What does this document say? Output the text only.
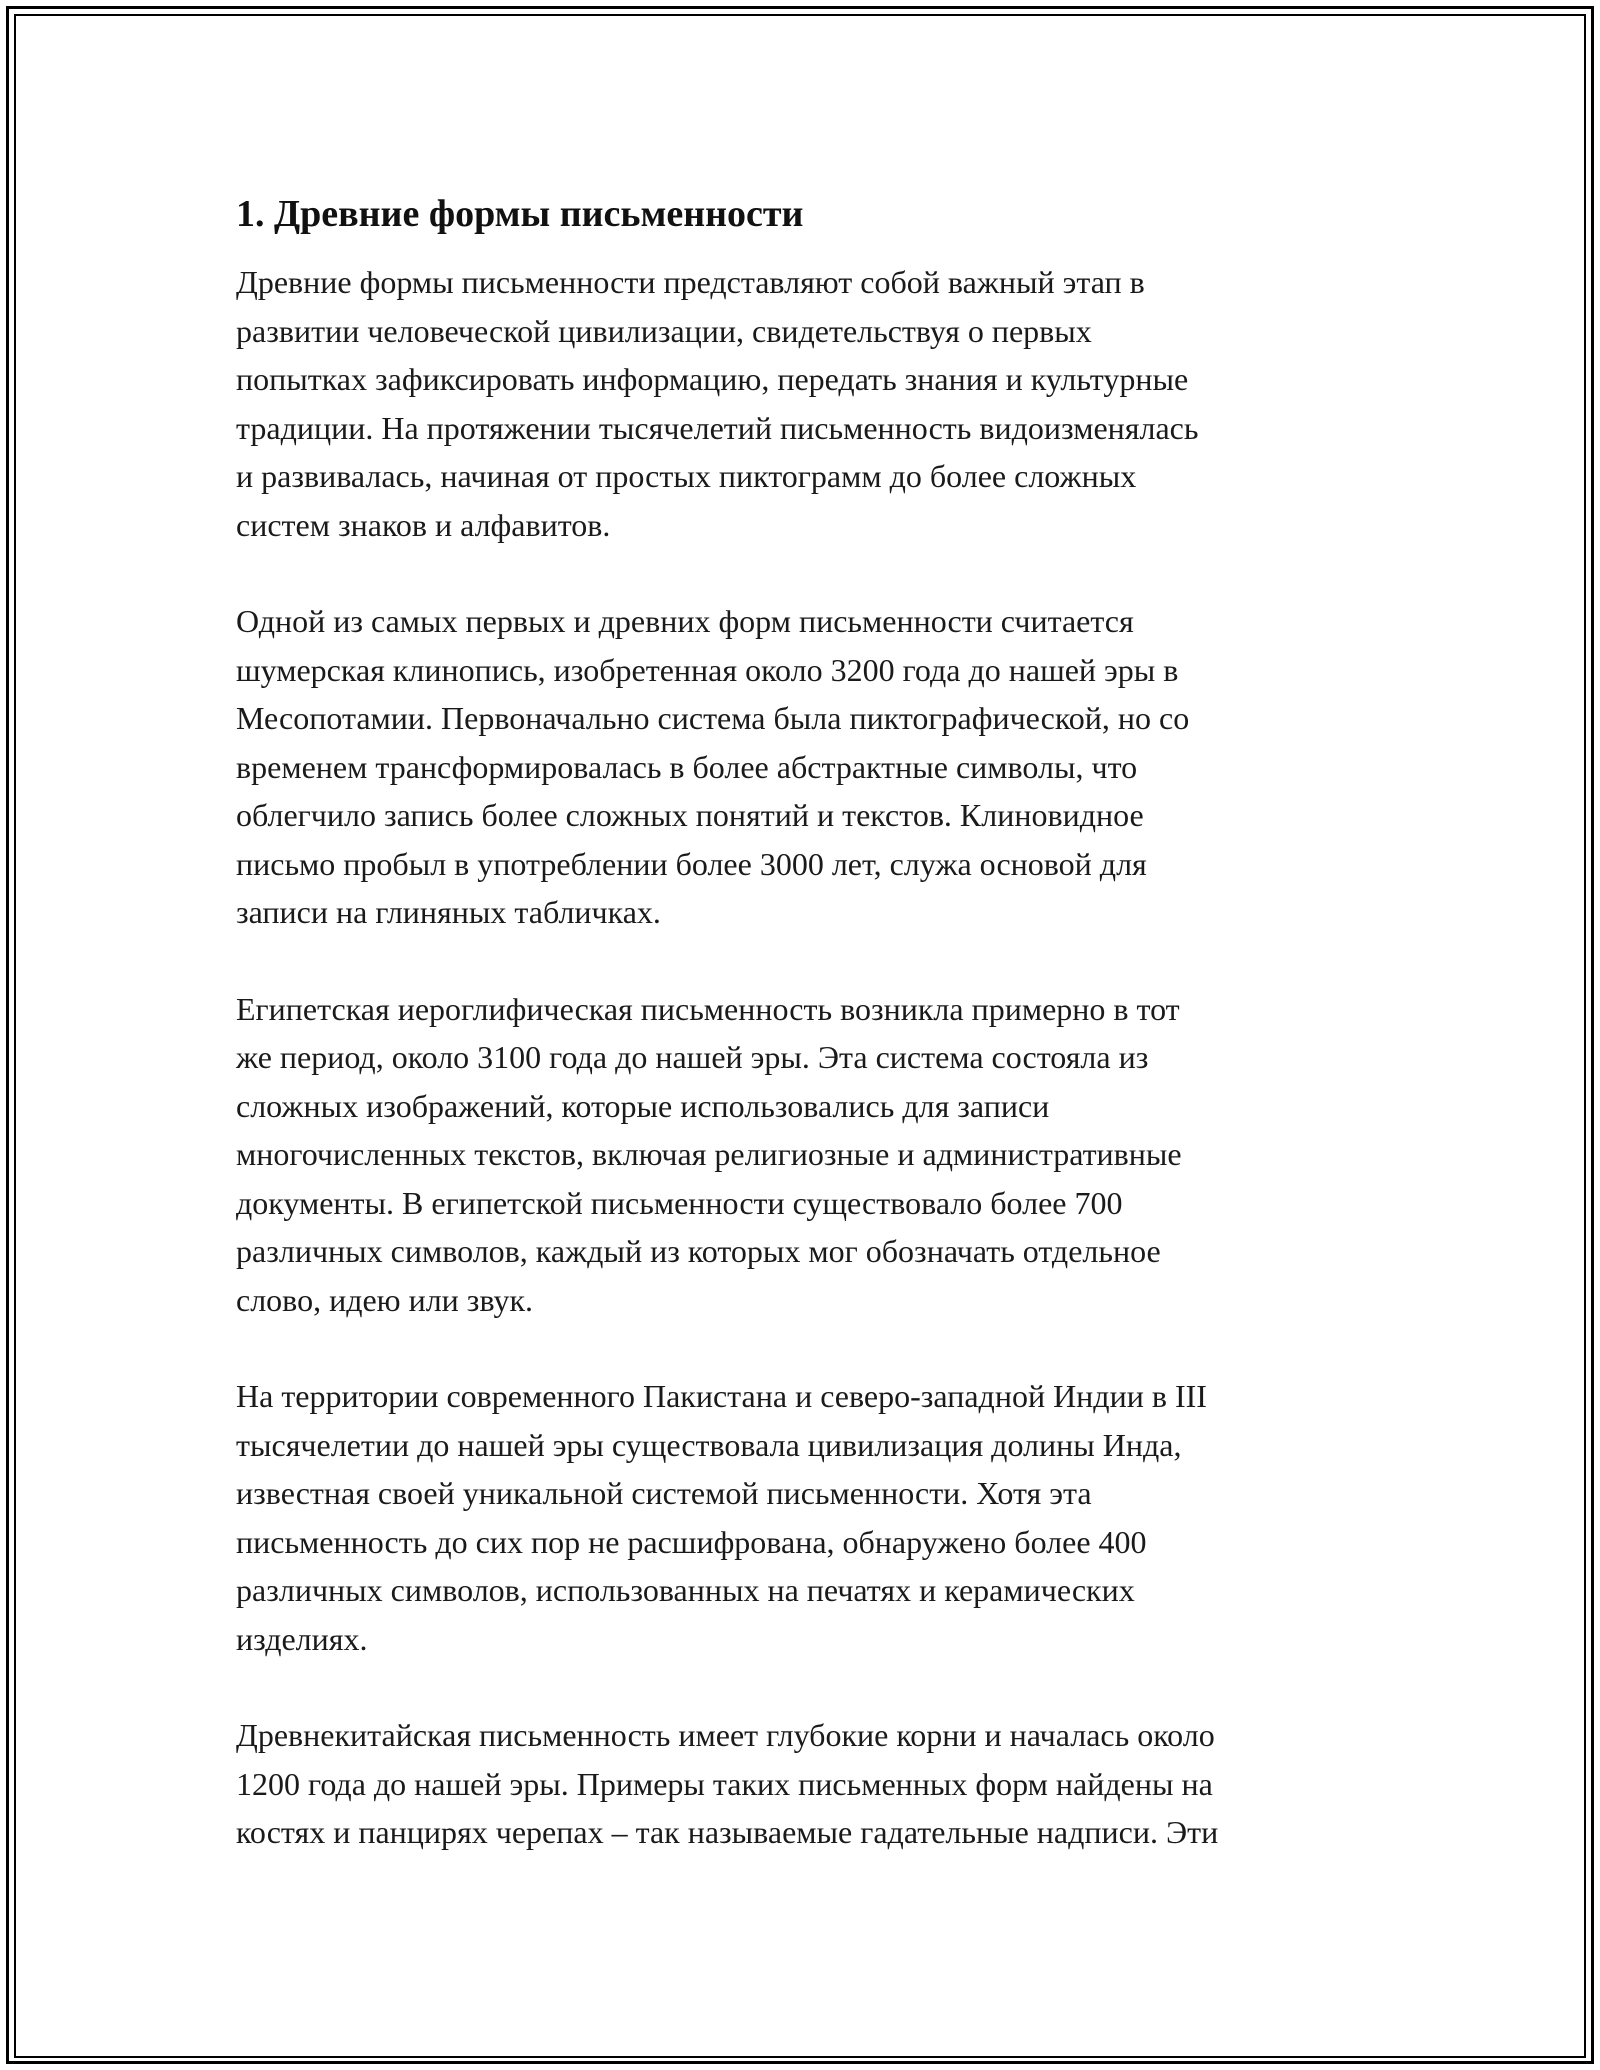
1. Древние формы письменности

Древние формы письменности представляют собой важный этап в
развитии человеческой цивилизации, свидетельствуя о первых
попытках зафиксировать информацию, передать знания и культурные
традиции. На протяжении тысячелетий письменность видоизменялась
и развивалась, начиная от простых пиктограмм до более сложных
систем знаков и алфавитов.

Одной из самых первых и древних форм письменности считается
шумерская клинопись, изобретенная около 3200 года до нашей эры в
Месопотамии. Первоначально система была пиктографической, но со
временем трансформировалась в более абстрактные символы, что
облегчило запись более сложных понятий и текстов. Клиновидное
письмо пробыл в употреблении более 3000 лет, служа основой для
записи на глиняных табличках.

Египетская иероглифическая письменность возникла примерно в тот
же период, около 3100 года до нашей эры. Эта система состояла из
сложных изображений, которые использовались для записи
многочисленных текстов, включая религиозные и административные
документы. В египетской письменности существовало более 700
различных символов, каждый из которых мог обозначать отдельное
слово, идею или звук.

На территории современного Пакистана и северо-западной Индии в III
тысячелетии до нашей эры существовала цивилизация долины Инда,
известная своей уникальной системой письменности. Хотя эта
письменность до сих пор не расшифрована, обнаружено более 400
различных символов, использованных на печатях и керамических
изделиях.

Древнекитайская письменность имеет глубокие корни и началась около
1200 года до нашей эры. Примеры таких письменных форм найдены на
костях и панцирях черепах – так называемые гадательные надписи. Эти
